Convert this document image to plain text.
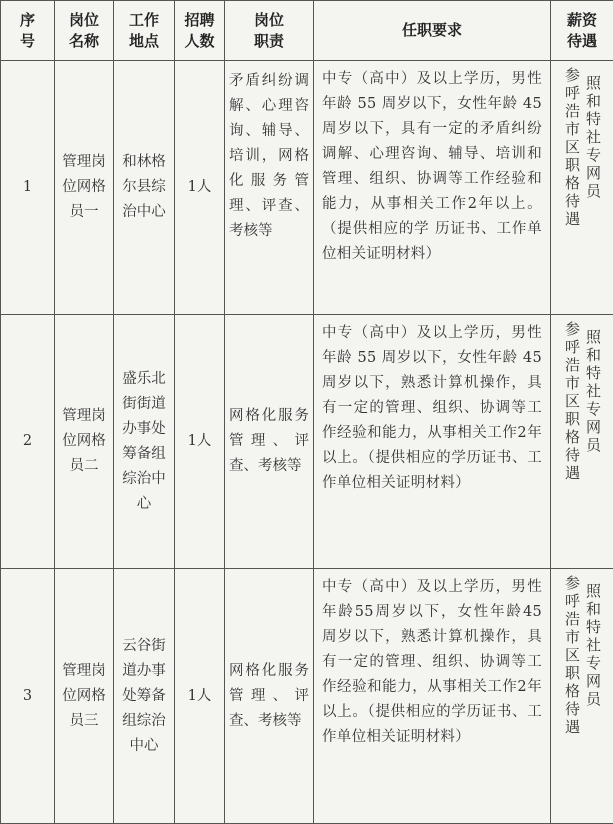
序号	岗位名称	工作地点	招聘人数	岗位职责	任职要求	薪资待遇

1	管理岗位网格员一	和林格尔县综治中心	1人	矛盾纠纷调解、心理咨询、辅导、培训，网格化服务管理、评查、考核等	中专（高中）及以上学历，男性年龄 55 周岁以下，女性年龄 45周岁以下，具有一定的矛盾纠纷调解、心理咨询、辅导、培训和管理、组织、协调等工作经验和能力，从事相关工作2年以上。（提供相应的学 历证书、工作单位相关证明材料）	照和特社专网员
参呼浩市区职格待遇

2	管理岗位网格员二	盛乐北街街道办事处筹备组综治中心	1人	网格化服务管理、评查、考核等	中专（高中）及以上学历，男性年龄 55 周岁以下，女性年龄 45 周岁以下，熟悉计算机操作，具有一定的管理、组织、协调等工作经验和能力，从事相关工作2年以上。（提供相应的学历证书、工作单位相关证明材料）	照和特社专网员
参呼浩市区职格待遇

3	管理岗位网格员三	云谷街道办事处筹备组综治中心	1人	网格化服务管理、评查、考核等	中专（高中）及以上学历，男性年龄55周岁以下，女性年龄45 周岁以下，熟悉计算机操作，具有一定的管理、组织、协调等工作经验和能力，从事相关工作2年以上。（提供相应的学历证书、工作单位相关证明材料）	照和特社专网员
参呼浩市区职格待遇
